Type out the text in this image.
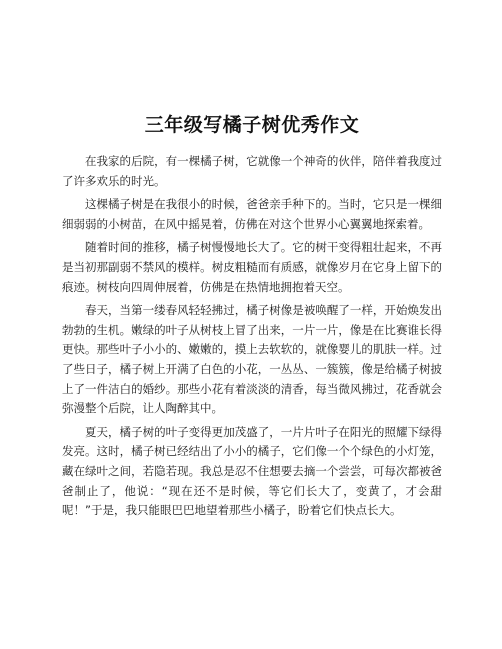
三年级写橘子树优秀作文

在我家的后院，有一棵橘子树，它就像一个神奇的伙伴，陪伴着我度过了许多欢乐的时光。

这棵橘子树是在我很小的时候，爸爸亲手种下的。当时，它只是一棵细细弱弱的小树苗，在风中摇晃着，仿佛在对这个世界小心翼翼地探索着。

随着时间的推移，橘子树慢慢地长大了。它的树干变得粗壮起来，不再是当初那副弱不禁风的模样。树皮粗糙而有质感，就像岁月在它身上留下的痕迹。树枝向四周伸展着，仿佛是在热情地拥抱着天空。

春天，当第一缕春风轻轻拂过，橘子树像是被唤醒了一样，开始焕发出勃勃的生机。嫩绿的叶子从树枝上冒了出来，一片一片，像是在比赛谁长得更快。那些叶子小小的、嫩嫩的，摸上去软软的，就像婴儿的肌肤一样。过了些日子，橘子树上开满了白色的小花，一丛丛、一簇簇，像是给橘子树披上了一件洁白的婚纱。那些小花有着淡淡的清香，每当微风拂过，花香就会弥漫整个后院，让人陶醉其中。

夏天，橘子树的叶子变得更加茂盛了，一片片叶子在阳光的照耀下绿得发亮。这时，橘子树已经结出了小小的橘子，它们像一个个绿色的小灯笼，藏在绿叶之间，若隐若现。我总是忍不住想要去摘一个尝尝，可每次都被爸爸制止了，他说：“现在还不是时候，等它们长大了，变黄了，才会甜呢！”于是，我只能眼巴巴地望着那些小橘子，盼着它们快点长大。
